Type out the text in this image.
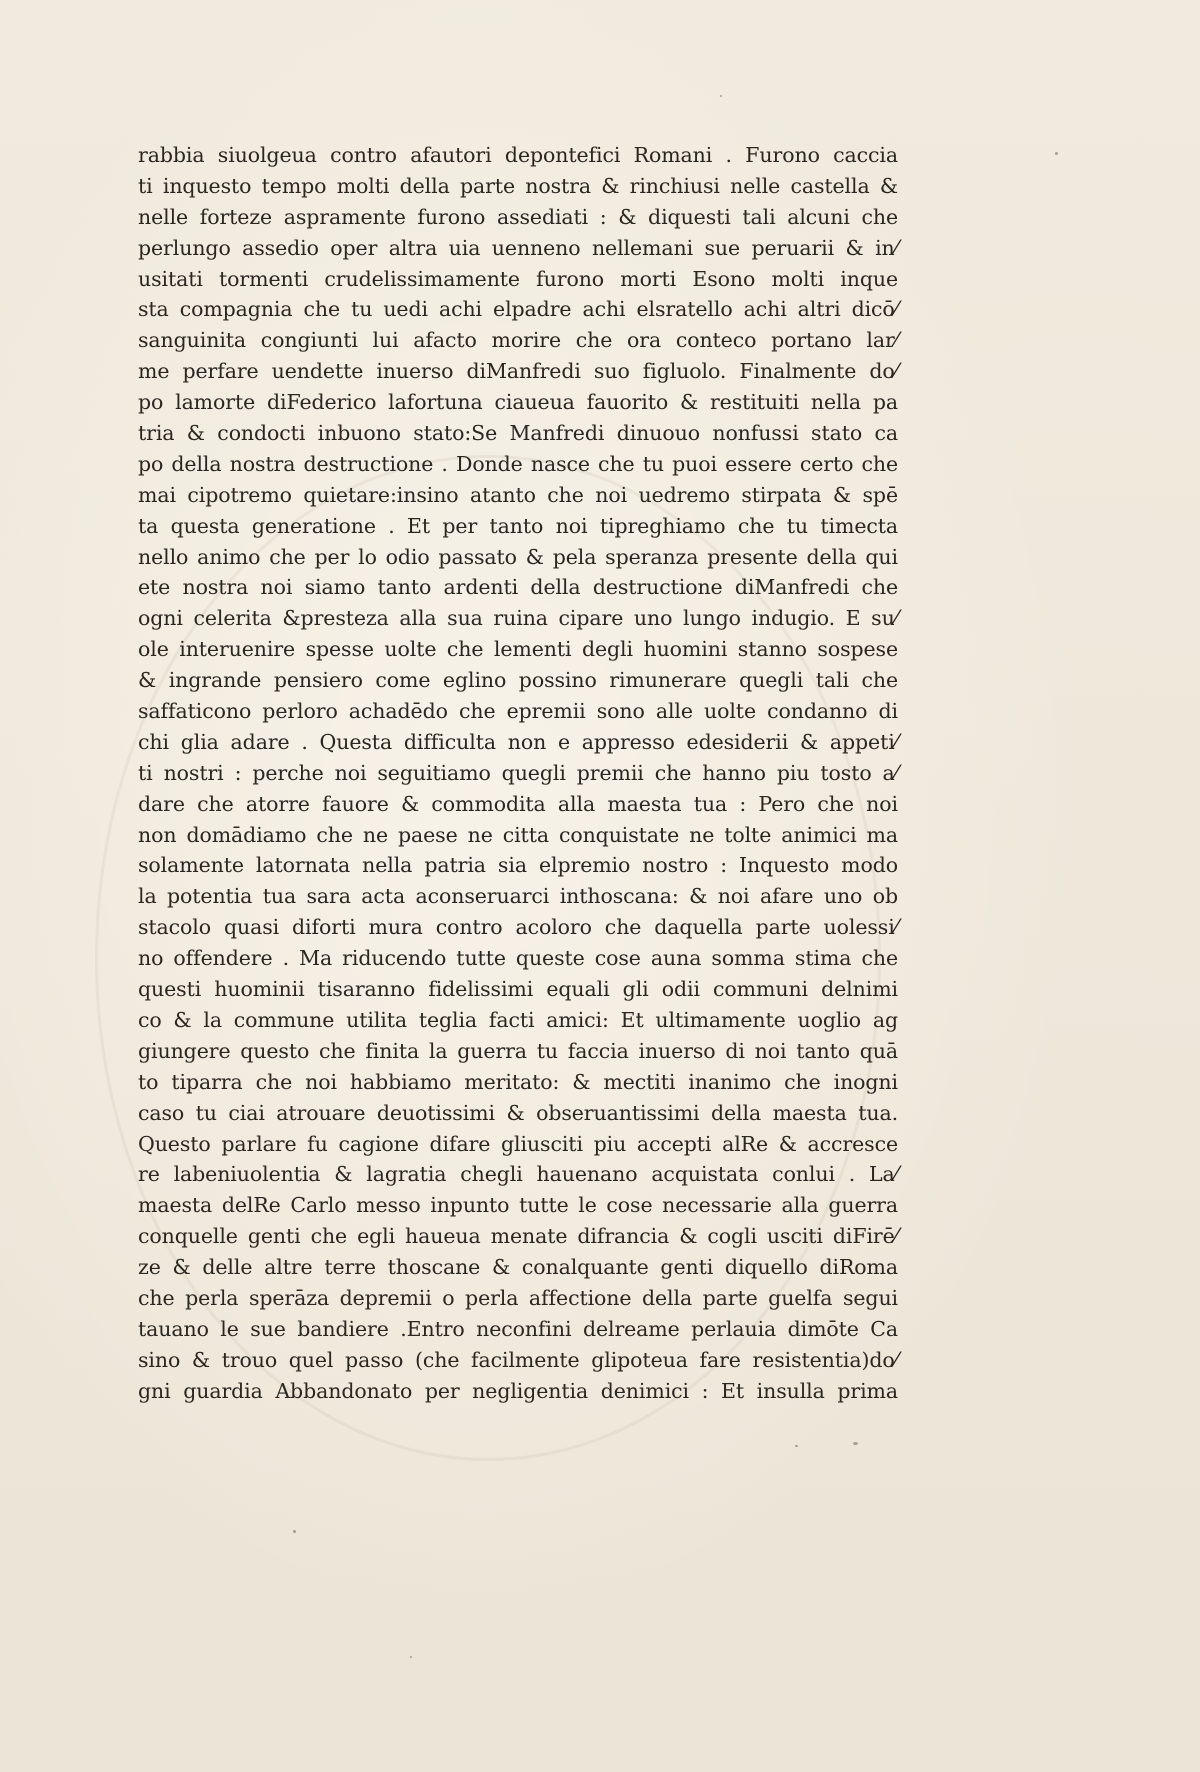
rabbia siuolgeua contro afautori depontefici Romani . Furono caccia
ti inquesto tempo molti della parte nostra & rinchiusi nelle castella &
nelle forteze aspramente furono assediati : & diquesti tali alcuni che
perlungo assedio oper altra uia uenneno nellemani sue peruarii & in⁄
usitati tormenti crudelissimamente furono morti Esono molti inque
sta compagnia che tu uedi achi elpadre achi elsratello achi altri dicō⁄
sanguinita congiunti lui afacto morire che ora conteco portano lar⁄
me perfare uendette inuerso diManfredi suo figluolo. Finalmente do⁄
po lamorte diFederico lafortuna ciaueua fauorito & restituiti nella pa
tria & condocti inbuono stato:Se Manfredi dinuouo nonfussi stato ca
po della nostra destructione . Donde nasce che tu puoi essere certo che
mai cipotremo quietare:insino atanto che noi uedremo stirpata & spē
ta questa generatione . Et per tanto noi tipreghiamo che tu timecta
nello animo che per lo odio passato & pela speranza presente della qui
ete nostra noi siamo tanto ardenti della destructione diManfredi che
ogni celerita &presteza alla sua ruina cipare uno lungo indugio. E su⁄
ole interuenire spesse uolte che lementi degli huomini stanno sospese
& ingrande pensiero come eglino possino rimunerare quegli tali che
saffaticono perloro achadēdo che epremii sono alle uolte condanno di
chi glia adare . Questa difficulta non e appresso edesiderii & appeti⁄
ti nostri : perche noi seguitiamo quegli premii che hanno piu tosto a⁄
dare che atorre fauore & commodita alla maesta tua : Pero che noi
non domādiamo che ne paese ne citta conquistate ne tolte animici ma
solamente latornata nella patria sia elpremio nostro : Inquesto modo
la potentia tua sara acta aconseruarci inthoscana: & noi afare uno ob
stacolo quasi diforti mura contro acoloro che daquella parte uolessi⁄
no offendere . Ma riducendo tutte queste cose auna somma stima che
questi huominii tisaranno fidelissimi equali gli odii communi delnimi
co & la commune utilita teglia facti amici: Et ultimamente uoglio ag
giungere questo che finita la guerra tu faccia inuerso di noi tanto quā
to tiparra che noi habbiamo meritato: & mectiti inanimo che inogni
caso tu ciai atrouare deuotissimi & obseruantissimi della maesta tua.
Questo parlare fu cagione difare gliusciti piu accepti alRe & accresce
re labeniuolentia & lagratia chegli hauenano acquistata conlui . La⁄
maesta delRe Carlo messo inpunto tutte le cose necessarie alla guerra
conquelle genti che egli haueua menate difrancia & cogli usciti diFirē⁄
ze & delle altre terre thoscane & conalquante genti diquello diRoma
che perla sperāza depremii o perla affectione della parte guelfa segui
tauano le sue bandiere .Entro neconfini delreame perlauia dimōte Ca
sino & trouo quel passo (che facilmente glipoteua fare resistentia)do⁄
gni guardia Abbandonato per negligentia denimici : Et insulla prima
